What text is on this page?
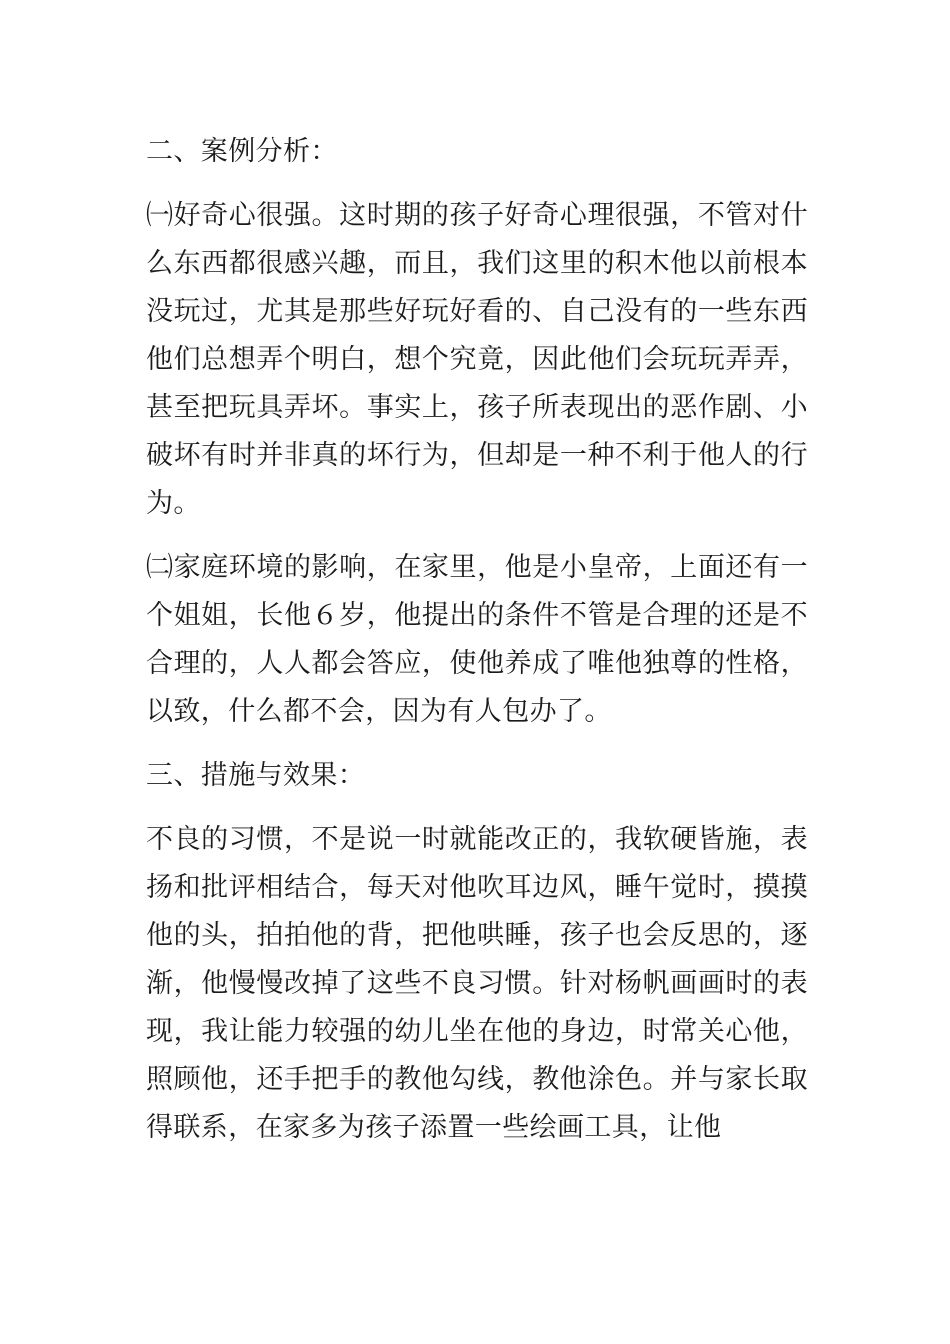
二、案例分析：

㈠好奇心很强。这时期的孩子好奇心理很强，不管对什么东西都很感兴趣，而且，我们这里的积木他以前根本没玩过，尤其是那些好玩好看的、自己没有的一些东西他们总想弄个明白，想个究竟，因此他们会玩玩弄弄，甚至把玩具弄坏。事实上，孩子所表现出的恶作剧、小破坏有时并非真的坏行为，但却是一种不利于他人的行为。

㈡家庭环境的影响，在家里，他是小皇帝，上面还有一个姐姐，长他６岁，他提出的条件不管是合理的还是不合理的，人人都会答应，使他养成了唯他独尊的性格，以致，什么都不会，因为有人包办了。

三、措施与效果：

不良的习惯，不是说一时就能改正的，我软硬皆施，表扬和批评相结合，每天对他吹耳边风，睡午觉时，摸摸他的头，拍拍他的背，把他哄睡，孩子也会反思的，逐渐，他慢慢改掉了这些不良习惯。针对杨帆画画时的表现，我让能力较强的幼儿坐在他的身边，时常关心他，照顾他，还手把手的教他勾线，教他涂色。并与家长取得联系，在家多为孩子添置一些绘画工具，让他
